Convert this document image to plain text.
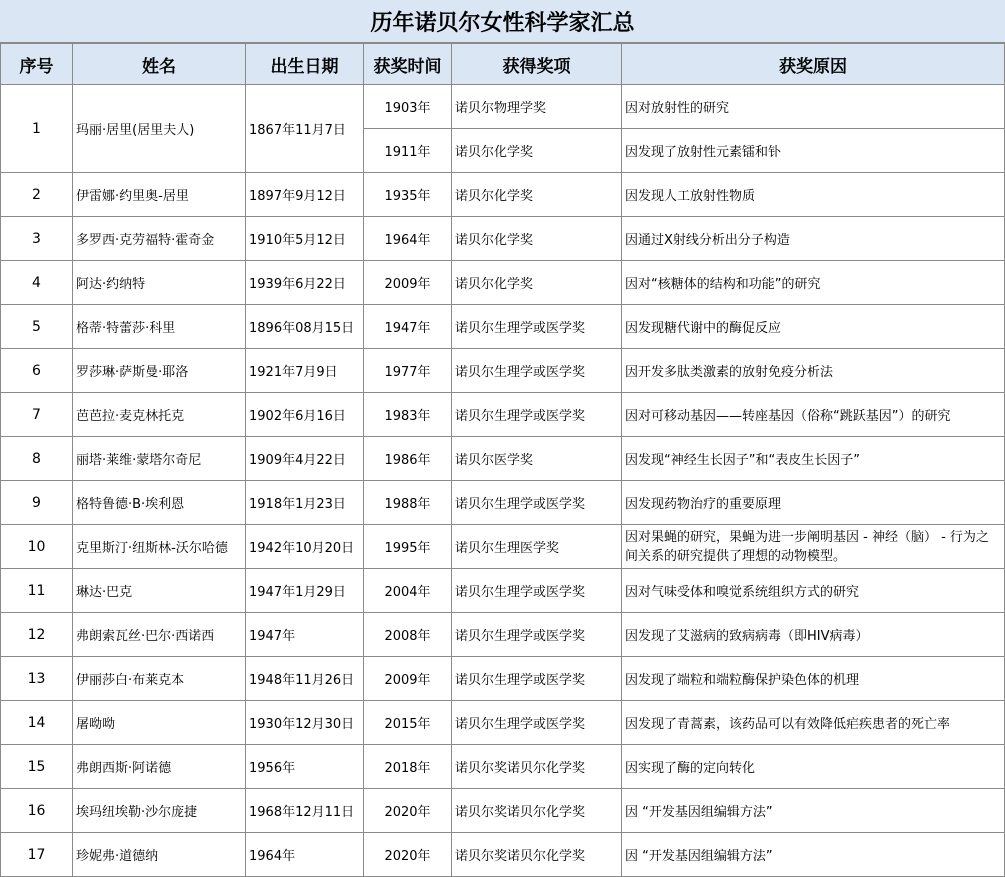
历年诺贝尔女性科学家汇总
序号	姓名	出生日期	获奖时间	获得奖项	获奖原因
1	玛丽·居里(居里夫人)	1867年11月7日	1903年	诺贝尔物理学奖	因对放射性的研究
			1911年	诺贝尔化学奖	因发现了放射性元素镭和钋
2	伊雷娜·约里奥-居里	1897年9月12日	1935年	诺贝尔化学奖	因发现人工放射性物质
3	多罗西·克劳福特·霍奇金	1910年5月12日	1964年	诺贝尔化学奖	因通过X射线分析出分子构造
4	阿达·约纳特	1939年6月22日	2009年	诺贝尔化学奖	因对“核糖体的结构和功能”的研究
5	格蒂·特蕾莎·科里	1896年08月15日	1947年	诺贝尔生理学或医学奖	因发现糖代谢中的酶促反应
6	罗莎琳·萨斯曼·耶洛	1921年7月9日	1977年	诺贝尔生理学或医学奖	因开发多肽类激素的放射免疫分析法
7	芭芭拉·麦克林托克	1902年6月16日	1983年	诺贝尔生理学或医学奖	因对可移动基因——转座基因（俗称“跳跃基因”）的研究
8	丽塔·莱维·蒙塔尔奇尼	1909年4月22日	1986年	诺贝尔医学奖	因发现“神经生长因子”和“表皮生长因子”
9	格特鲁德·B·埃利恩	1918年1月23日	1988年	诺贝尔生理学或医学奖	因发现药物治疗的重要原理
10	克里斯汀·纽斯林-沃尔哈德	1942年10月20日	1995年	诺贝尔生理医学奖	因对果蝇的研究，果蝇为进一步阐明基因 - 神经（脑） - 行为之间关系的研究提供了理想的动物模型。
11	琳达·巴克	1947年1月29日	2004年	诺贝尔生理学或医学奖	因对气味受体和嗅觉系统组织方式的研究
12	弗朗索瓦丝·巴尔·西诺西	1947年	2008年	诺贝尔生理学或医学奖	因发现了艾滋病的致病病毒（即HIV病毒）
13	伊丽莎白·布莱克本	1948年11月26日	2009年	诺贝尔生理学或医学奖	因发现了端粒和端粒酶保护染色体的机理
14	屠呦呦	1930年12月30日	2015年	诺贝尔生理学或医学奖	因发现了青蒿素，该药品可以有效降低疟疾患者的死亡率
15	弗朗西斯·阿诺德	1956年	2018年	诺贝尔奖诺贝尔化学奖	因实现了酶的定向转化
16	埃玛纽埃勒·沙尔庞捷	1968年12月11日	2020年	诺贝尔奖诺贝尔化学奖	因 “开发基因组编辑方法”
17	珍妮弗·道德纳	1964年	2020年	诺贝尔奖诺贝尔化学奖	因 “开发基因组编辑方法”
